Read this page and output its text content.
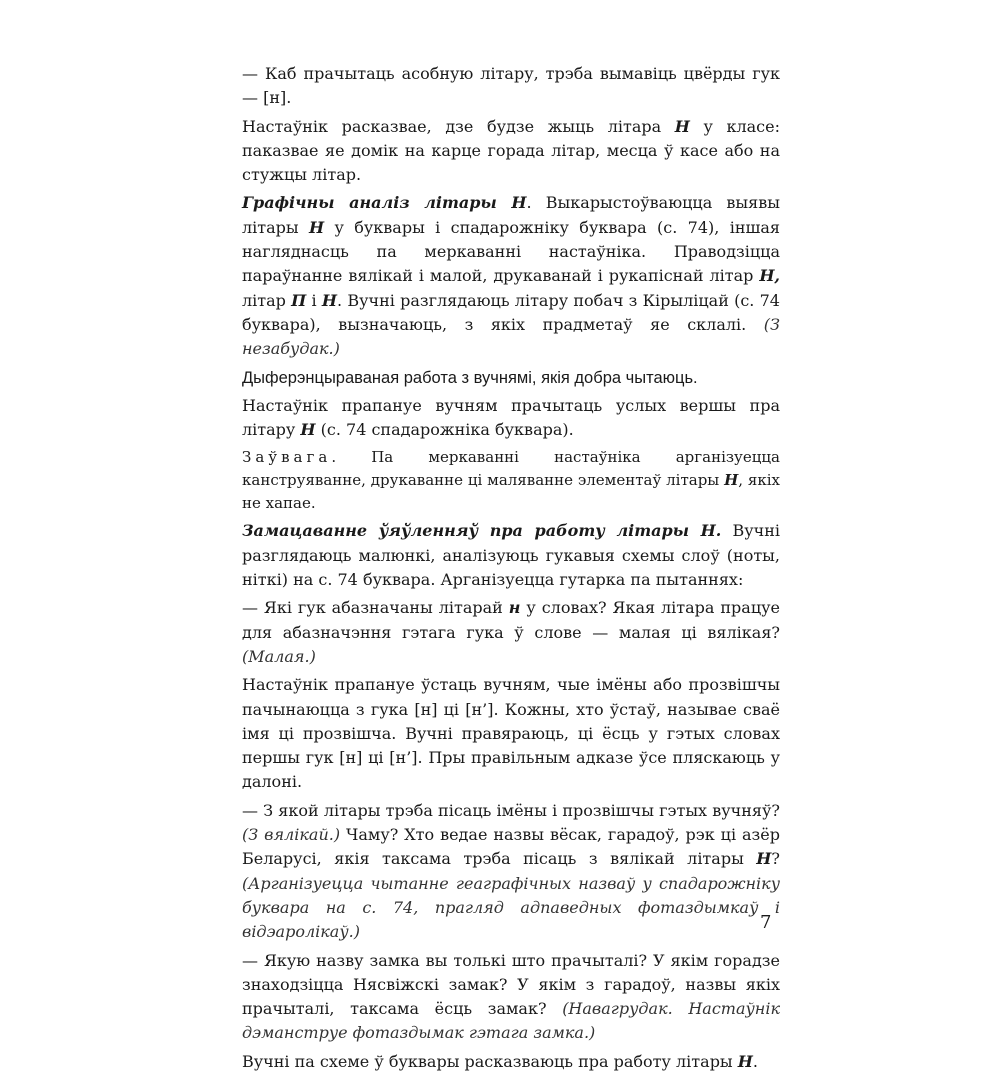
— Каб прачытаць асобную літару, трэба вымавіць цвёрды гук — [н].

Настаўнік расказвае, дзе будзе жыць літара Н у класе: паказвае яе домік на карце горада літар, месца ў касе або на стужцы літар.

Графічны аналіз літары Н. Выкарыстоўваюцца выявы літары Н у буквары і спадарожніку буквара (с. 74), іншая нагляднасць па меркаванні настаўніка. Праводзіцца параўнанне вялікай і малой, друкаванай і рукапіснай літар Н, літар П і Н. Вучні разглядаюць літару побач з Кірыліцай (с. 74 буквара), вызначаюць, з якіх прадметаў яе склалі. (З незабудак.)

Дыферэнцыраваная работа з вучнямі, якія добра чытаюць.

Настаўнік прапануе вучням прачытаць услых вершы пра літару Н (с. 74 спадарожніка буквара).

Заўвага. Па меркаванні настаўніка арганізуецца канструяванне, друкаванне ці маляванне элементаў літары Н, якіх не хапае.

Замацаванне ўяўленняў пра работу літары Н. Вучні разглядаюць малюнкі, аналізуюць гукавыя схемы слоў (ноты, ніткі) на с. 74 буквара. Арганізуецца гутарка па пытаннях:

— Які гук абазначаны літарай н у словах? Якая літара працуе для абазначэння гэтага гука ў слове — малая ці вялікая? (Малая.)

Настаўнік прапануе ўстаць вучням, чые імёны або прозвішчы пачынаюцца з гука [н] ці [н’]. Кожны, хто ўстаў, называе сваё імя ці прозвішча. Вучні правяраюць, ці ёсць у гэтых словах першы гук [н] ці [н’]. Пры правільным адказе ўсе пляскаюць у далоні.

— З якой літары трэба пісаць імёны і прозвішчы гэтых вучняў? (З вялікай.) Чаму? Хто ведае назвы вёсак, гарадоў, рэк ці азёр Беларусі, якія таксама трэба пісаць з вялікай літары Н? (Арганізуецца чытанне геаграфічных назваў у спадарожніку буквара на с. 74, прагляд адпаведных фотаздымкаў і відэаролікаў.)

— Якую назву замка вы толькі што прачыталі? У якім горадзе знаходзіцца Нясвіжскі замак? У якім з гарадоў, назвы якіх прачыталі, таксама ёсць замак? (Навагрудак. Настаўнік дэманструе фотаздымак гэтага замка.)

Вучні па схеме ў буквары расказваюць пра работу літары Н.

7
